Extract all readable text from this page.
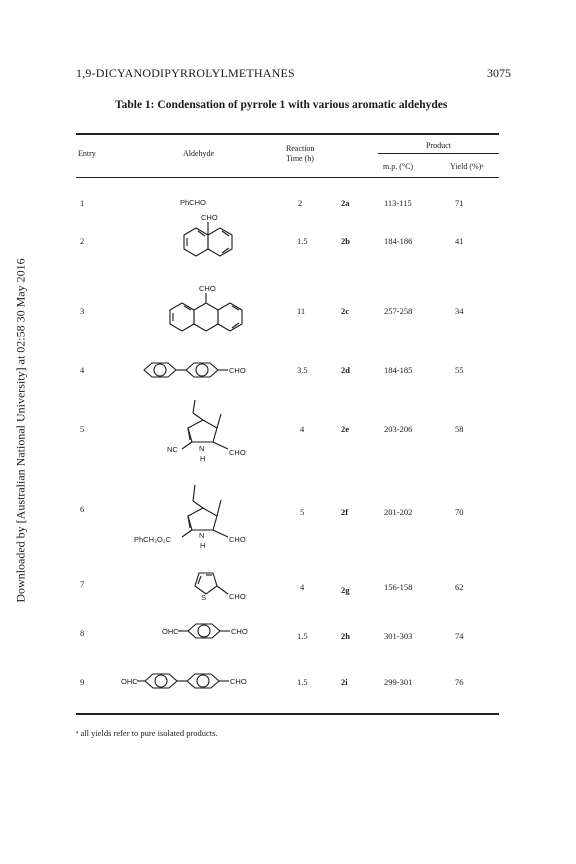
Downloaded by [Australian National University] at 02:58 30 May 2016
1,9-DICYANODIPYRROLYLMETHANES	3075
Table 1: Condensation of pyrrole 1 with various aromatic aldehydes
Entry	Aldehyde
Reaction
Time (h)
Product
m.p. (°C)	Yield (%)ᵃ
1	2	2a	113-115	71
2	1.5	2b	184-186	41
3	11	2c	257-258	34
4	3.5	2d	184-185	55
5	4	2e	203-206	58
6	5	2f	201-202	70
7	4	2g	156-158	62
8	1.5	2h	301-303	74
9	1.5	2i	299-301	76
PhCHO
CHO
CHO
CHO
NC	N
H
CHO
PhCH₂O₂C	N
H
CHO
S	CHO
OHC	CHO
OHC	CHO
ᵃ all yields refer to pure isolated products.
